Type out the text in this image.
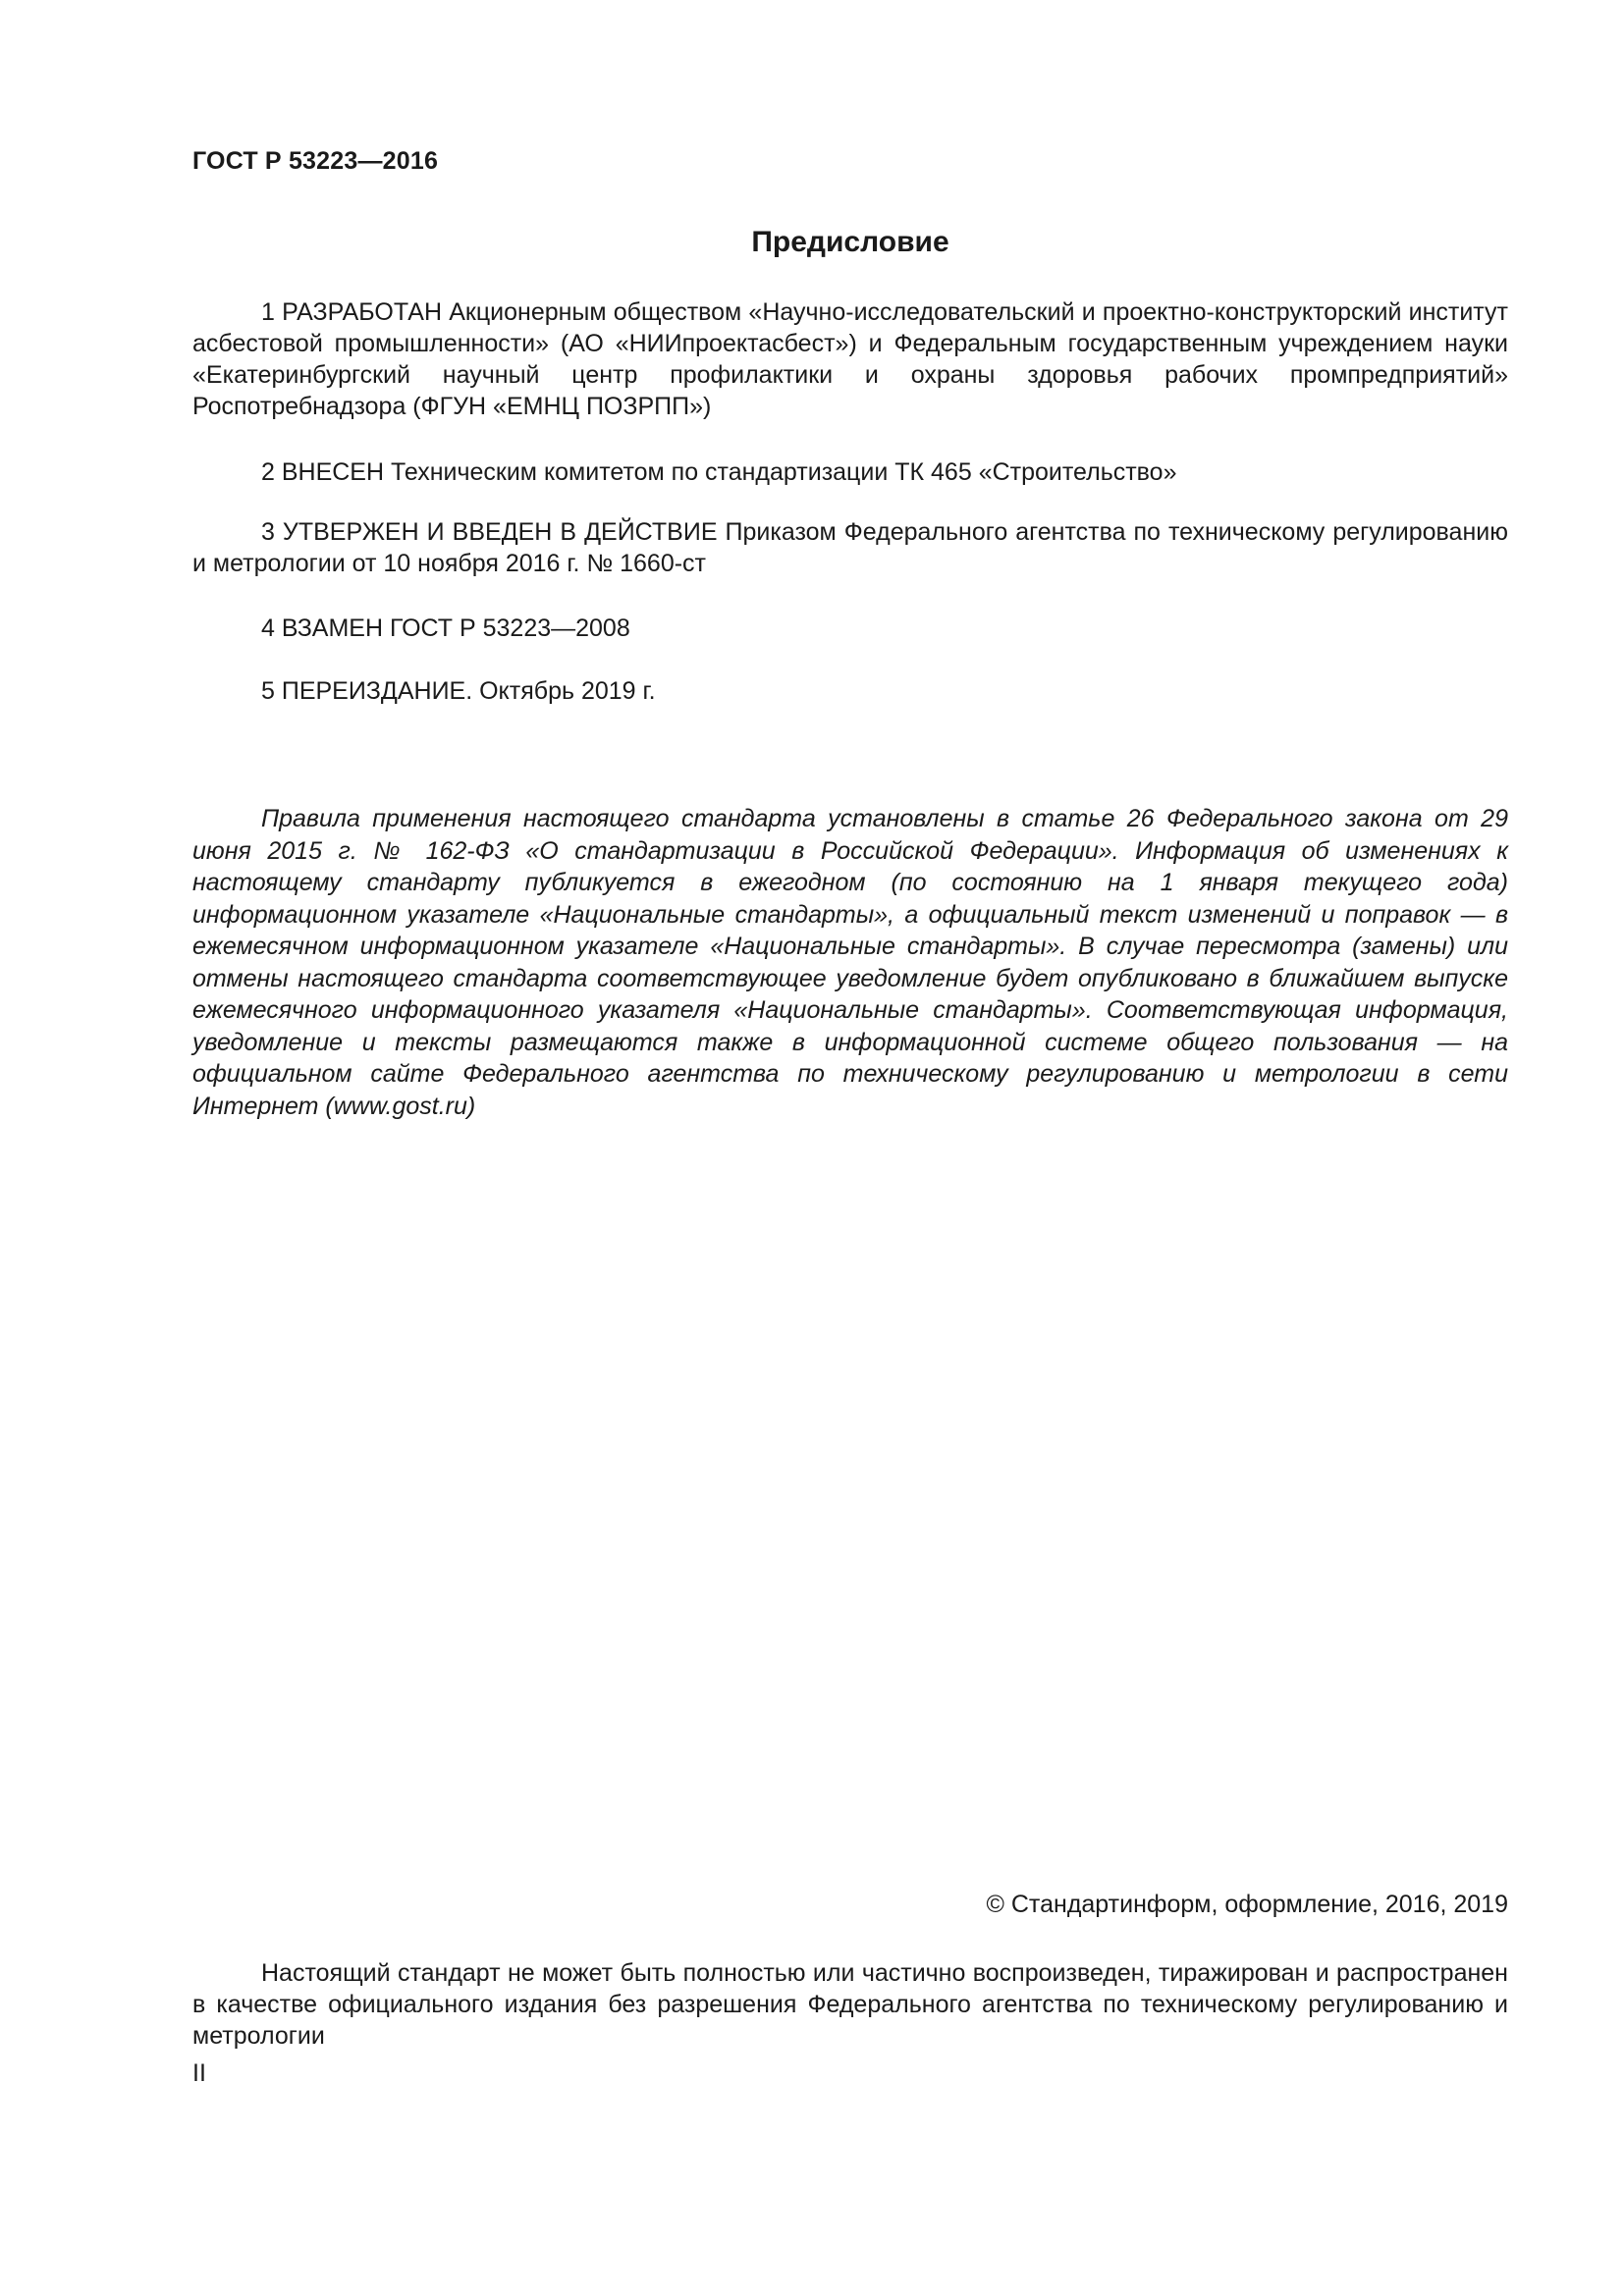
ГОСТ Р 53223—2016
Предисловие

1 РАЗРАБОТАН Акционерным обществом «Научно-исследовательский и проектно-конструкторский институт асбестовой промышленности» (АО «НИИпроектасбест») и Федеральным государственным учреждением науки «Екатеринбургский научный центр профилактики и охраны здоровья рабочих промпредприятий» Роспотребнадзора (ФГУН «ЕМНЦ ПОЗРПП»)

2 ВНЕСЕН Техническим комитетом по стандартизации ТК 465 «Строительство»

3 УТВЕРЖЕН И ВВЕДЕН В ДЕЙСТВИЕ Приказом Федерального агентства по техническому регулированию и метрологии от 10 ноября 2016 г. № 1660-ст

4 ВЗАМЕН ГОСТ Р 53223—2008

5 ПЕРЕИЗДАНИЕ. Октябрь 2019 г.

Правила применения настоящего стандарта установлены в статье 26 Федерального закона от 29 июня 2015 г. № 162-ФЗ «О стандартизации в Российской Федерации». Информация об изменениях к настоящему стандарту публикуется в ежегодном (по состоянию на 1 января текущего года) информационном указателе «Национальные стандарты», а официальный текст изменений и поправок — в ежемесячном информационном указателе «Национальные стандарты». В случае пересмотра (замены) или отмены настоящего стандарта соответствующее уведомление будет опубликовано в ближайшем выпуске ежемесячного информационного указателя «Национальные стандарты». Соответствующая информация, уведомление и тексты размещаются также в информационной системе общего пользования — на официальном сайте Федерального агентства по техническому регулированию и метрологии в сети Интернет (www.gost.ru)

© Стандартинформ, оформление, 2016, 2019

Настоящий стандарт не может быть полностью или частично воспроизведен, тиражирован и распространен в качестве официального издания без разрешения Федерального агентства по техническому регулированию и метрологии

II
